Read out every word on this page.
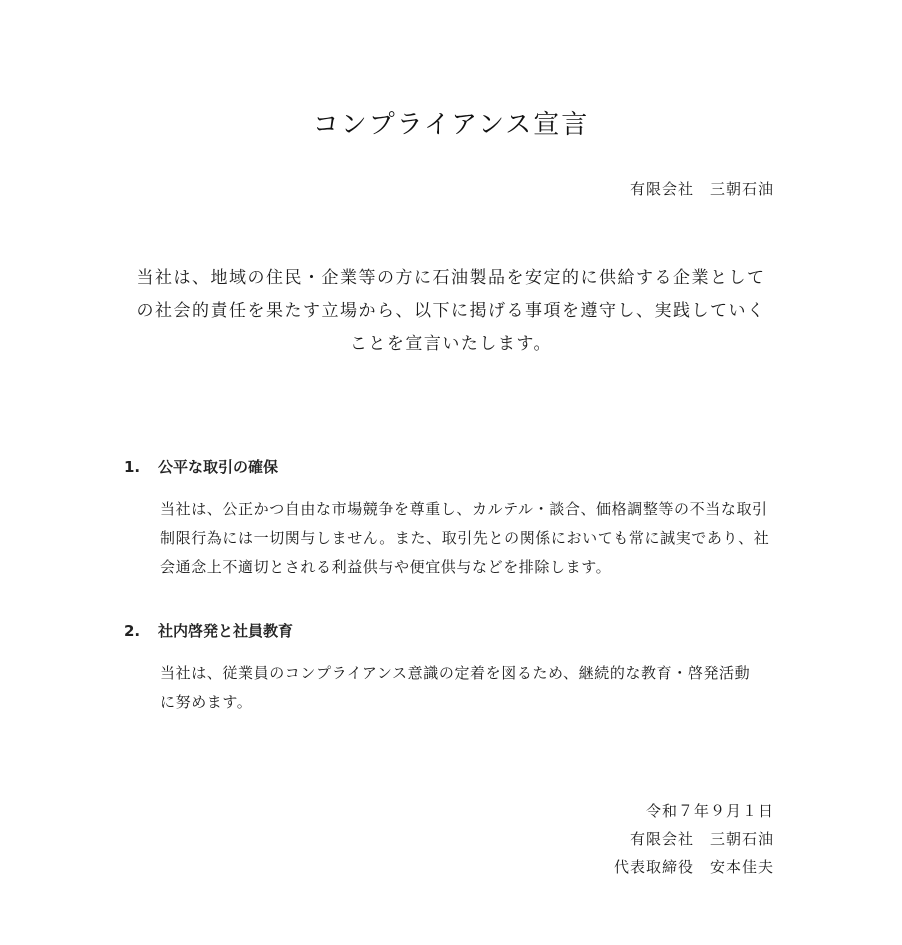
コンプライアンス宣言
有限会社　三朝石油
当社は、地域の住民・企業等の方に石油製品を安定的に供給する企業として
の社会的責任を果たす立場から、以下に掲げる事項を遵守し、実践していく
ことを宣言いたします。
1.	公平な取引の確保
当社は、公正かつ自由な市場競争を尊重し、カルテル・談合、価格調整等の不当な取引
制限行為には一切関与しません。また、取引先との関係においても常に誠実であり、社
会通念上不適切とされる利益供与や便宜供与などを排除します。
2.	社内啓発と社員教育
当社は、従業員のコンプライアンス意識の定着を図るため、継続的な教育・啓発活動
に努めます。
令和７年９月１日
有限会社　三朝石油
代表取締役　安本佳夫
